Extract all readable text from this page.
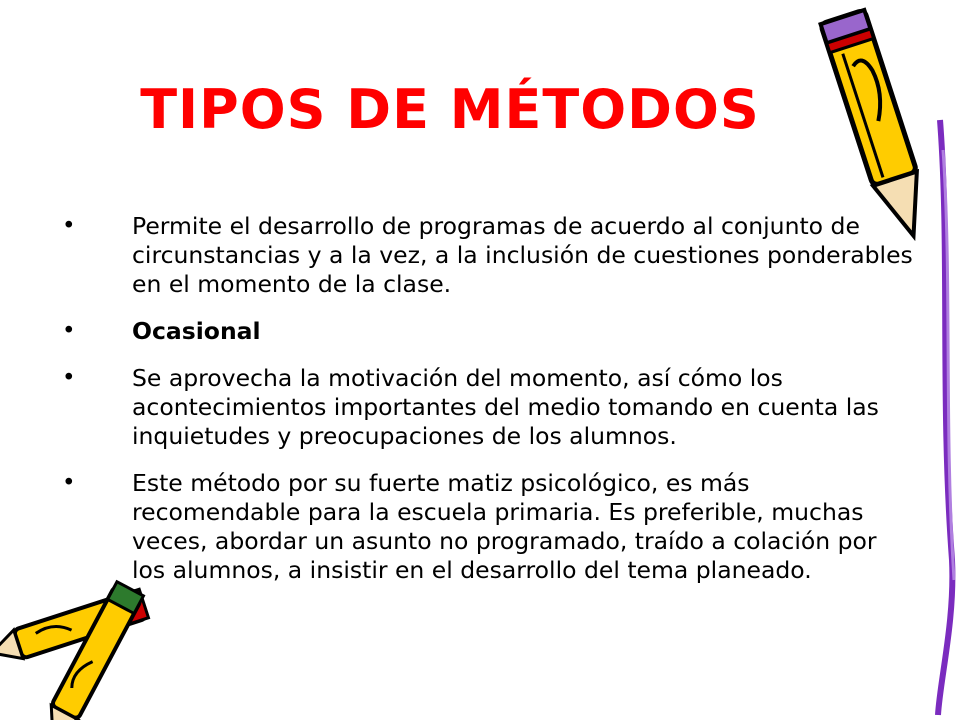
TIPOS DE MÉTODOS
• Permite el desarrollo de programas de acuerdo al conjunto de circunstancias y a la vez, a la inclusión de cuestiones ponderables en el momento de la clase.
• Ocasional
• Se aprovecha la motivación del momento, así cómo los acontecimientos importantes del medio tomando en cuenta las inquietudes y preocupaciones de los alumnos.
• Este método por su fuerte matiz psicológico, es más recomendable para la escuela primaria. Es preferible, muchas veces, abordar un asunto no programado, traído a colación por los alumnos, a insistir en el desarrollo del tema planeado.
